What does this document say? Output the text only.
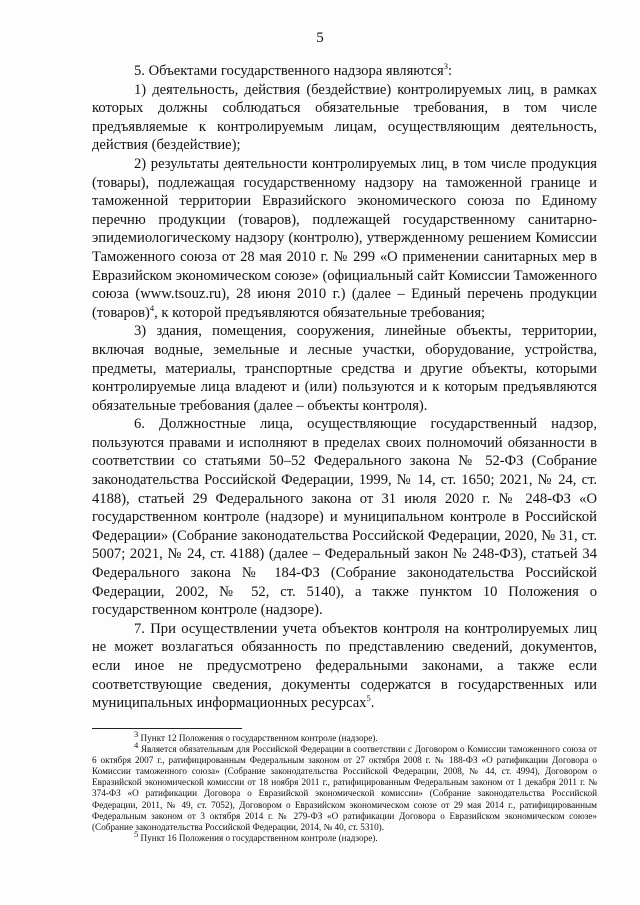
5

5. Объектами государственного надзора являются$^3$:

1) деятельность, действия (бездействие) контролируемых лиц, в рамках которых должны соблюдаться обязательные требования, в том числе предъявляемые к контролируемым лицам, осуществляющим деятельность, действия (бездействие);

2) результаты деятельности контролируемых лиц, в том числе продукция (товары), подлежащая государственному надзору на таможенной границе и таможенной территории Евразийского экономического союза по Единому перечню продукции (товаров), подлежащей государственному санитарно-эпидемиологическому надзору (контролю), утвержденному решением Комиссии Таможенного союза от 28 мая 2010 г. № 299 «О применении санитарных мер в Евразийском экономическом союзе» (официальный сайт Комиссии Таможенного союза (www.tsouz.ru), 28 июня 2010 г.) (далее – Единый перечень продукции (товаров)$^4$, к которой предъявляются обязательные требования;

3) здания, помещения, сооружения, линейные объекты, территории, включая водные, земельные и лесные участки, оборудование, устройства, предметы, материалы, транспортные средства и другие объекты, которыми контролируемые лица владеют и (или) пользуются и к которым предъявляются обязательные требования (далее – объекты контроля).

6. Должностные лица, осуществляющие государственный надзор, пользуются правами и исполняют в пределах своих полномочий обязанности в соответствии со статьями 50–52 Федерального закона № 52-ФЗ (Собрание законодательства Российской Федерации, 1999, № 14, ст. 1650; 2021, № 24, ст. 4188), статьей 29 Федерального закона от 31 июля 2020 г. № 248-ФЗ «О государственном контроле (надзоре) и муниципальном контроле в Российской Федерации» (Собрание законодательства Российской Федерации, 2020, № 31, ст. 5007; 2021, № 24, ст. 4188) (далее – Федеральный закон № 248-ФЗ), статьей 34 Федерального закона № 184-ФЗ (Собрание законодательства Российской Федерации, 2002, № 52, ст. 5140), а также пунктом 10 Положения о государственном контроле (надзоре).

7. При осуществлении учета объектов контроля на контролируемых лиц не может возлагаться обязанность по представлению сведений, документов, если иное не предусмотрено федеральными законами, а также если соответствующие сведения, документы содержатся в государственных или муниципальных информационных ресурсах$^5$.

$^3$ Пункт 12 Положения о государственном контроле (надзоре).

$^4$ Является обязательным для Российской Федерации в соответствии с Договором о Комиссии таможенного союза от 6 октября 2007 г., ратифицированным Федеральным законом от 27 октября 2008 г. № 188-ФЗ «О ратификации Договора о Комиссии таможенного союза» (Собрание законодательства Российской Федерации, 2008, № 44, ст. 4994), Договором о Евразийской экономической комиссии от 18 ноября 2011 г., ратифицированным Федеральным законом от 1 декабря 2011 г. № 374-ФЗ «О ратификации Договора о Евразийской экономической комиссии» (Собрание законодательства Российской Федерации, 2011, № 49, ст. 7052), Договором о Евразийском экономическом союзе от 29 мая 2014 г., ратифицированным Федеральным законом от 3 октября 2014 г. № 279-ФЗ «О ратификации Договора о Евразийском экономическом союзе» (Собрание законодательства Российской Федерации, 2014, № 40, ст. 5310).

$^5$ Пункт 16 Положения о государственном контроле (надзоре).
